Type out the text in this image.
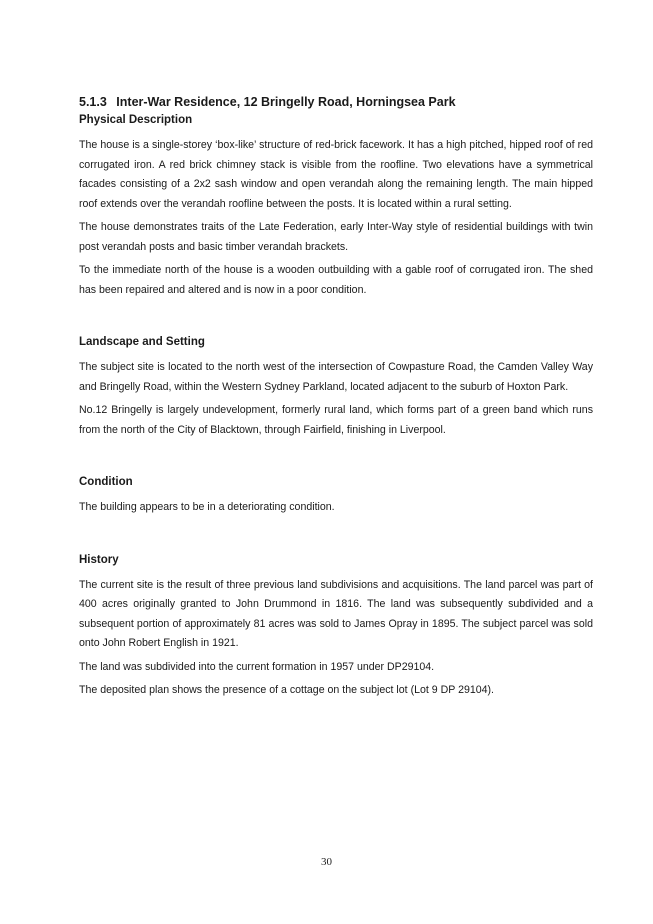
5.1.3 Inter-War Residence, 12 Bringelly Road, Horningsea Park
Physical Description

The house is a single-storey ‘box-like’ structure of red-brick facework. It has a high pitched, hipped roof of red corrugated iron. A red brick chimney stack is visible from the roofline. Two elevations have a symmetrical facades consisting of a 2x2 sash window and open verandah along the remaining length. The main hipped roof extends over the verandah roofline between the posts. It is located within a rural setting.

The house demonstrates traits of the Late Federation, early Inter-Way style of residential buildings with twin post verandah posts and basic timber verandah brackets.

To the immediate north of the house is a wooden outbuilding with a gable roof of corrugated iron. The shed has been repaired and altered and is now in a poor condition.

Landscape and Setting

The subject site is located to the north west of the intersection of Cowpasture Road, the Camden Valley Way and Bringelly Road, within the Western Sydney Parkland, located adjacent to the suburb of Hoxton Park.

No.12 Bringelly is largely undevelopment, formerly rural land, which forms part of a green band which runs from the north of the City of Blacktown, through Fairfield, finishing in Liverpool.

Condition

The building appears to be in a deteriorating condition.

History

The current site is the result of three previous land subdivisions and acquisitions. The land parcel was part of 400 acres originally granted to John Drummond in 1816. The land was subsequently subdivided and a subsequent portion of approximately 81 acres was sold to James Opray in 1895. The subject parcel was sold onto John Robert English in 1921.

The land was subdivided into the current formation in 1957 under DP29104.

The deposited plan shows the presence of a cottage on the subject lot (Lot 9 DP 29104).

30
